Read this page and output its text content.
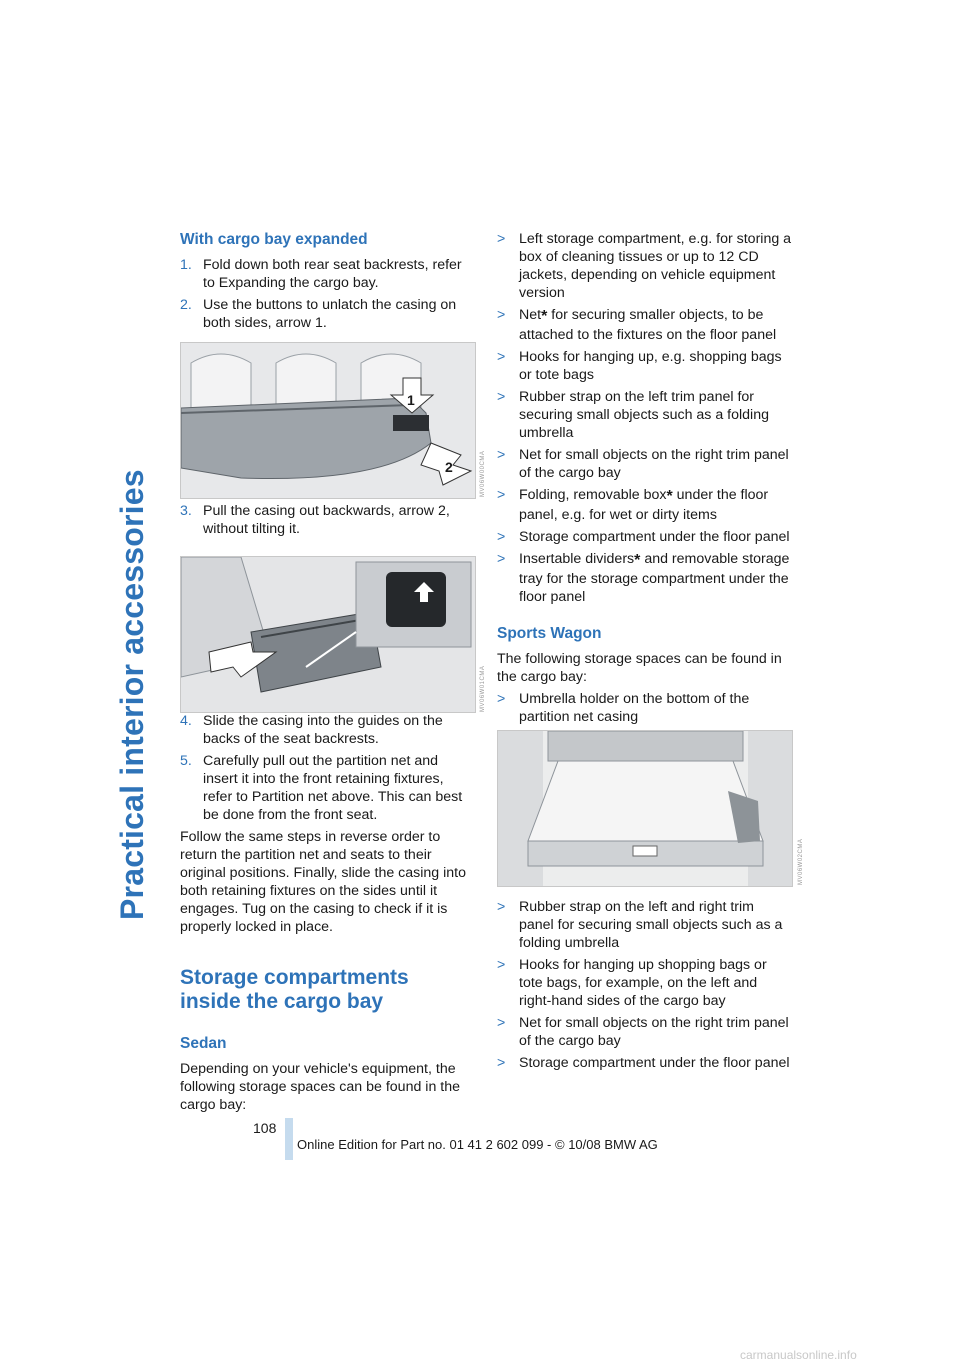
Practical interior accessories
With cargo bay expanded
1. Fold down both rear seat backrests, refer to Expanding the cargo bay.
2. Use the buttons to unlatch the casing on both sides, arrow 1.
3. Pull the casing out backwards, arrow 2, without tilting it.
4. Slide the casing into the guides on the backs of the seat backrests.
5. Carefully pull out the partition net and insert it into the front retaining fixtures, refer to Partition net above. This can best be done from the front seat.

Follow the same steps in reverse order to return the partition net and seats to their original positions. Finally, slide the casing into both retaining fixtures on the sides until it engages. Tug on the casing to check if it is properly locked in place.

Storage compartments inside the cargo bay
Sedan

Depending on your vehicle's equipment, the following storage spaces can be found in the cargo bay:

> Left storage compartment, e.g. for storing a box of cleaning tissues or up to 12 CD jackets, depending on vehicle equipment version
> Net* for securing smaller objects, to be attached to the fixtures on the floor panel
> Hooks for hanging up, e.g. shopping bags or tote bags
> Rubber strap on the left trim panel for securing small objects such as a folding umbrella
> Net for small objects on the right trim panel of the cargo bay
> Folding, removable box* under the floor panel, e.g. for wet or dirty items
> Storage compartment under the floor panel
> Insertable dividers* and removable storage tray for the storage compartment under the floor panel
Sports Wagon

The following storage spaces can be found in the cargo bay:

> Umbrella holder on the bottom of the partition net casing
> Rubber strap on the left and right trim panel for securing small objects such as a folding umbrella
> Hooks for hanging up shopping bags or tote bags, for example, on the left and right-hand sides of the cargo bay
> Net for small objects on the right trim panel of the cargo bay
> Storage compartment under the floor panel
1
2	MV06W00CMA
MV06W01CMA
MV06W02CMA
108
Online Edition for Part no. 01 41 2 602 099 - © 10/08 BMW AG
carmanualsonline.info
